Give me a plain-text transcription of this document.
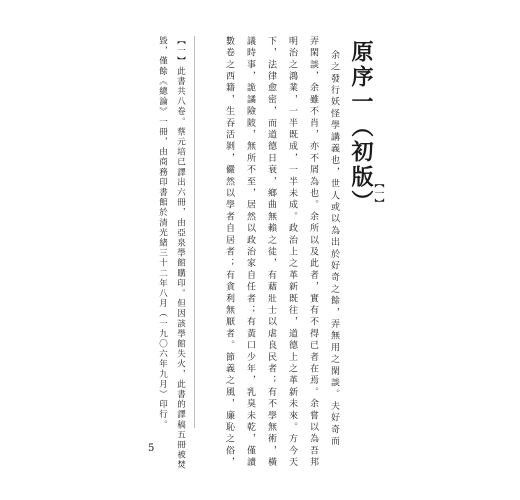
原序一（初版）
【一】
余之發行妖怪學講義也，世人或以為出於好奇之餘，弄無用之閑談。夫好奇而
弄閑談，余雖不肖，亦不屑為也。余所以及此者，實有不得已者在焉。余嘗以為吾邦
明治之鴻業，一半既成，一半未成。政治上之革新既往，道德上之革新未來。方今天
下，法律愈密，而道德日衰，鄉曲無賴之徒，有藉壯士以虐良民者；有不學無術，橫
議時事，詭譎險陂，無所不至，居然以政治家自任者；有黃口少年，乳臭未乾，僅讀
數卷之西籍，生吞活剝，儼然以學者自居者；有貪利無厭者。節義之風，廉恥之俗，
【一】此書共八卷。蔡元培已譯出六冊，由亞泉學館購印。但因該學館失火，此書的譯稿五冊被焚
毀，僅餘《總論》一冊，由商務印書館於清光緒三十二年八月（一九〇六年九月）印行。
5
